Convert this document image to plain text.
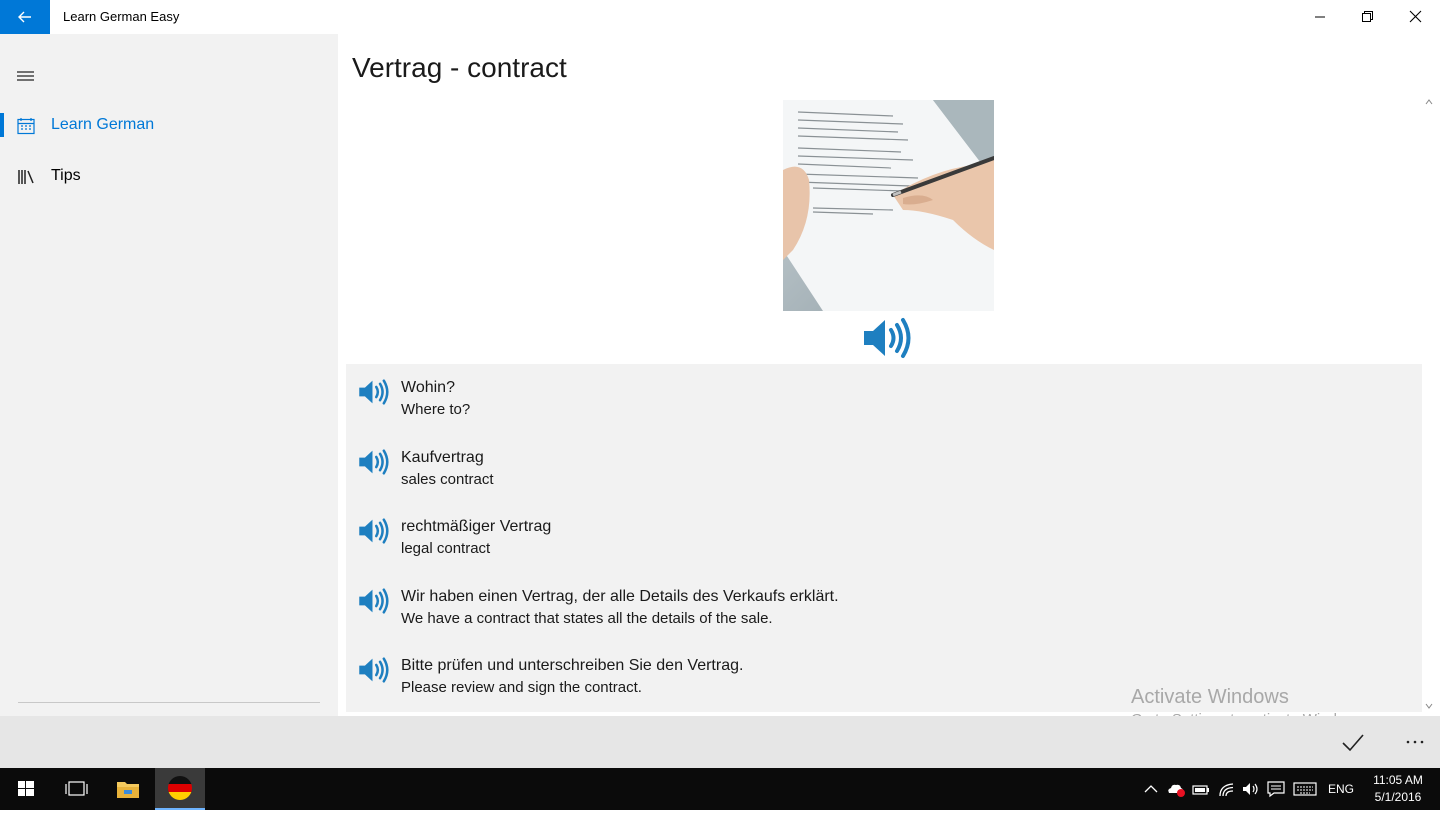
Learn German Easy
Learn German
Tips
Vertrag - contract
Wohin?
Where to?
Kaufvertrag
sales contract
rechtmäßiger Vertrag
legal contract
Wir haben einen Vertrag, der alle Details des Verkaufs erklärt.
We have a contract that states all the details of the sale.
Bitte prüfen und unterschreiben Sie den Vertrag.
Please review and sign the contract.	Activate Windows
ENG
11:05 AM
5/1/2016
